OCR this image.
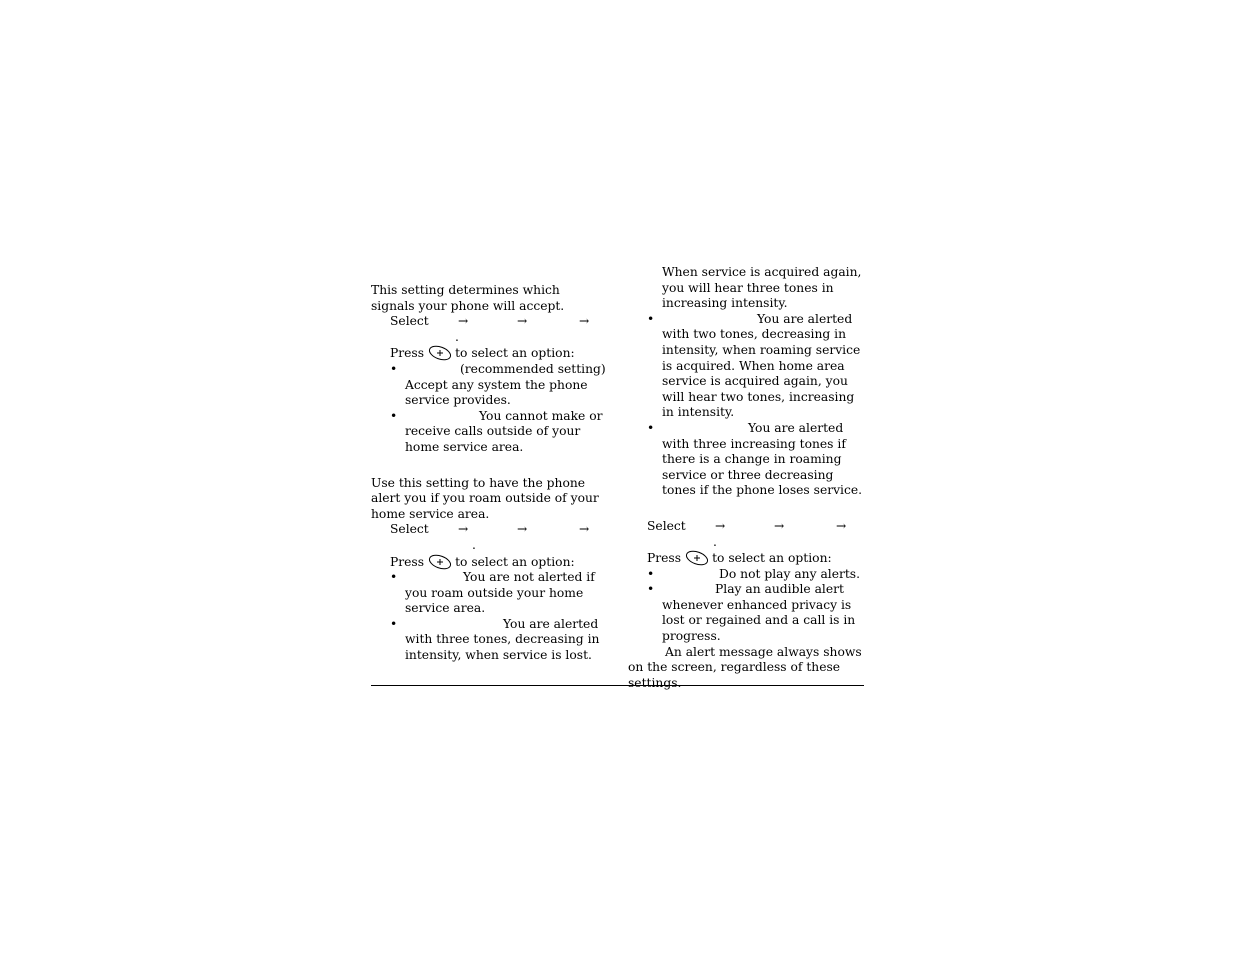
This setting determines which signals your phone will accept.

Select →	→	→
.

Press	to select an option:

•	(recommended setting) Accept any system the phone service provides.

•	You cannot make or receive calls outside of your home service area.

Use this setting to have the phone alert you if you roam outside of your home service area.

Select →	→	→
.

Press	to select an option:

•	You are not alerted if you roam outside your home service area.

•	You are alerted with three tones, decreasing in intensity, when service is lost.

When service is acquired again, you will hear three tones in increasing intensity.

•	You are alerted with two tones, decreasing in intensity, when roaming service is acquired. When home area service is acquired again, you will hear two tones, increasing in intensity.

•	You are alerted with three increasing tones if there is a change in roaming service or three decreasing tones if the phone loses service.

Select →	→	→
.

Press	to select an option:

•	Do not play any alerts.

•	Play an audible alert whenever enhanced privacy is lost or regained and a call is in progress.

An alert message always shows on the screen, regardless of these settings.
